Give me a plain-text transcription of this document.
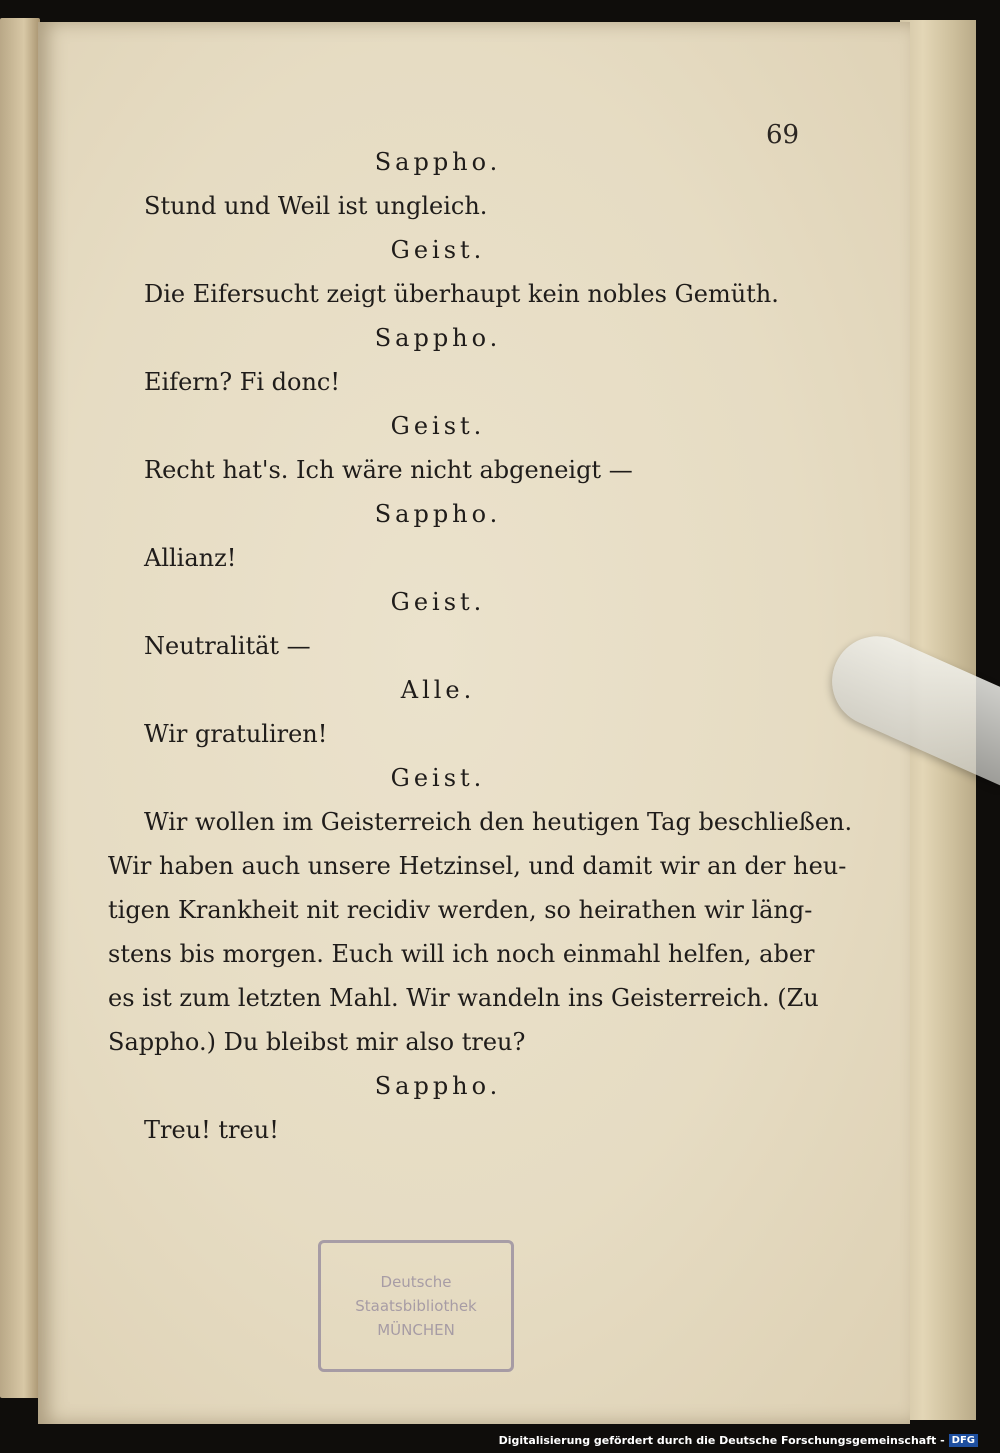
69
Sappho.
Stund und Weil ist ungleich.
Geist.
Die Eifersucht zeigt überhaupt kein nobles Gemüth.
Sappho.
Eifern? Fi donc!
Geist.
Recht hat's. Ich wäre nicht abgeneigt —
Sappho.
Allianz!
Geist.
Neutralität —
Alle.
Wir gratuliren!
Geist.
Wir wollen im Geisterreich den heutigen Tag beschließen.
Wir haben auch unsere Hetzinsel, und damit wir an der heu-
tigen Krankheit nit recidiv werden, so heirathen wir läng-
stens bis morgen. Euch will ich noch einmahl helfen, aber
es ist zum letzten Mahl. Wir wandeln ins Geisterreich. (Zu
Sappho.) Du bleibst mir also treu?
Sappho.
Treu! treu!
Deutsche
Staatsbibliothek
MÜNCHEN
Digitalisierung gefördert durch die Deutsche Forschungsgemeinschaft - DFG
